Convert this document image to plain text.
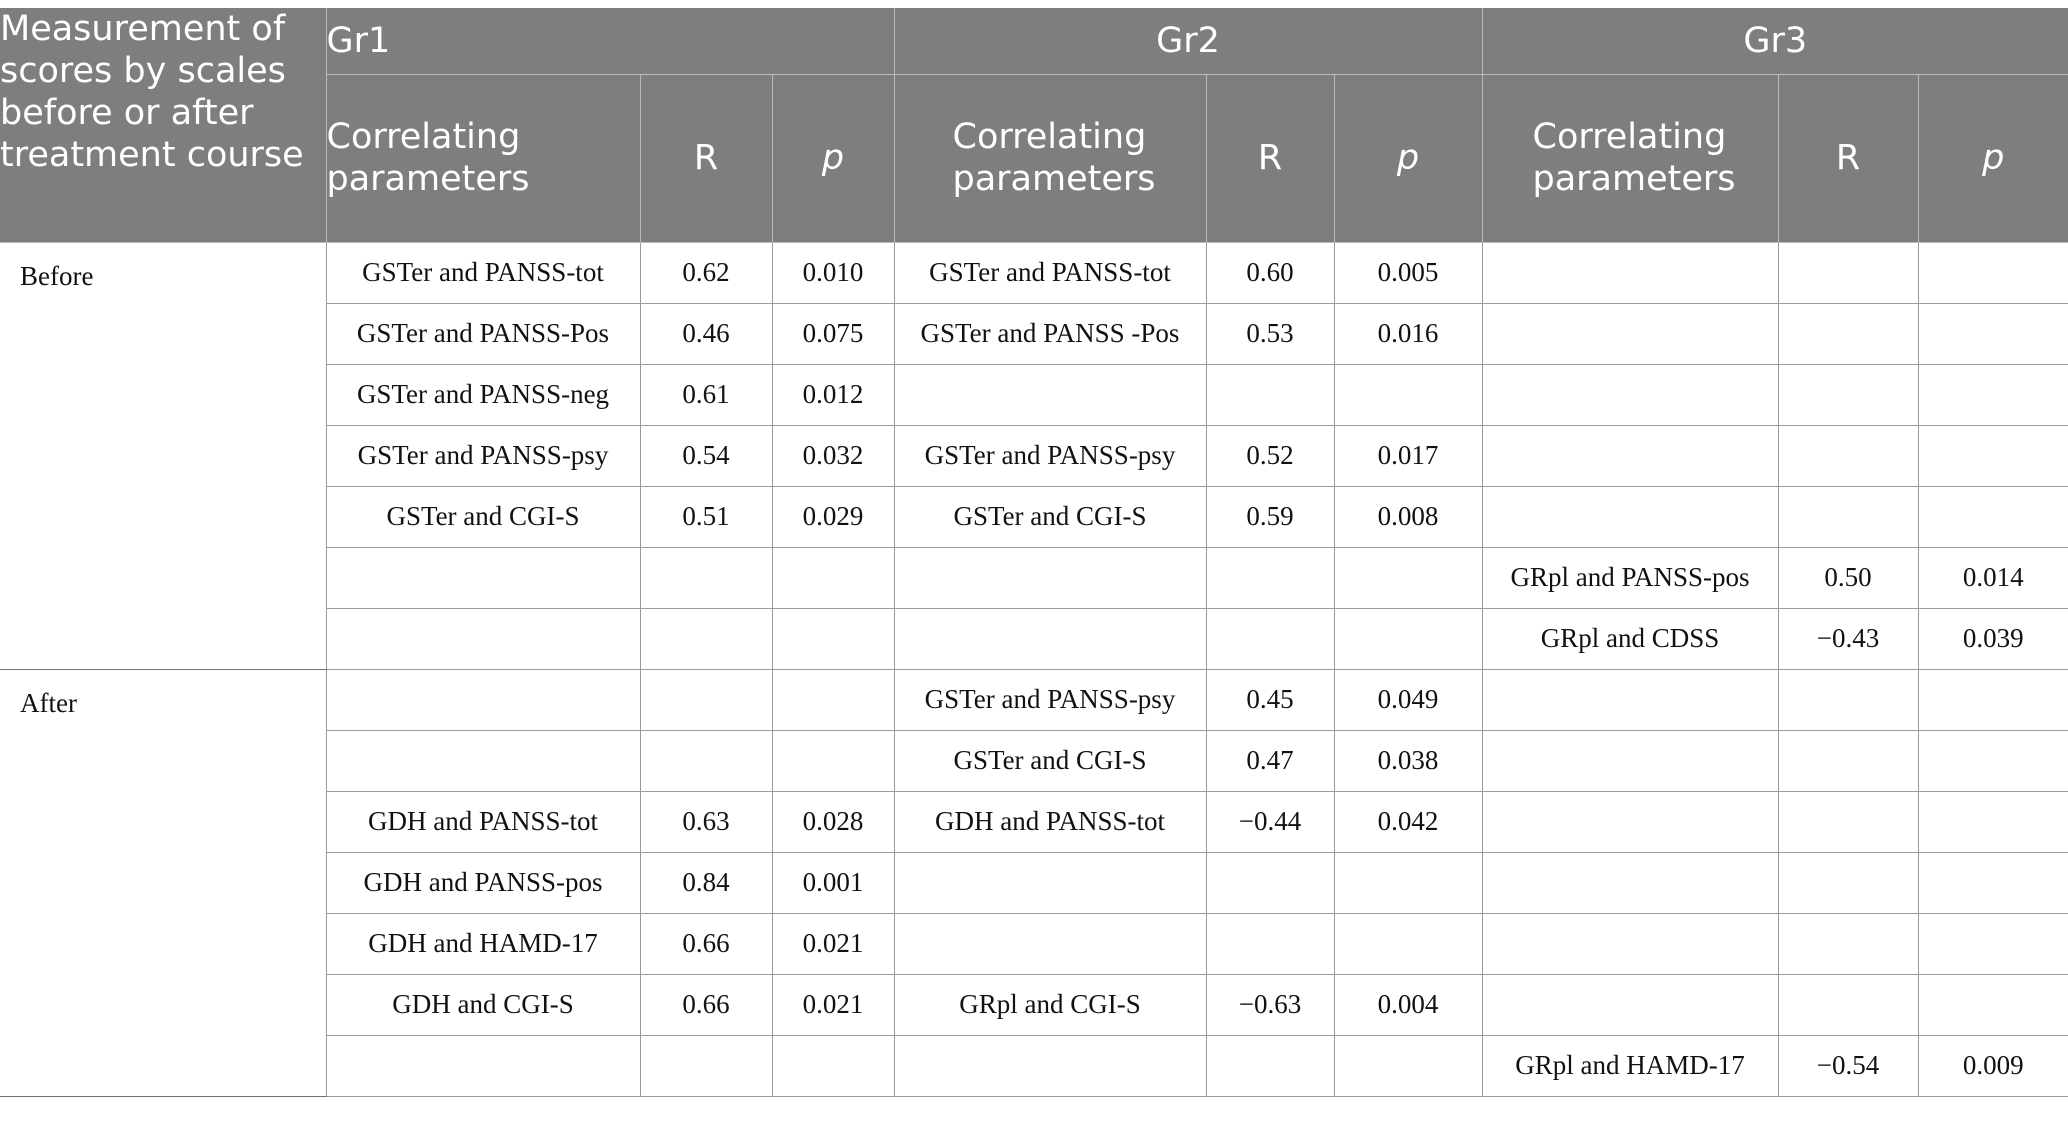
Measurement of scores by scales before or after treatment course	Gr1			Gr2			Gr3		
	Correlating parameters	R	p	Correlating parameters	R	p	Correlating parameters	R	p
Before	GSTer and PANSS-tot	0.62	0.010	GSTer and PANSS-tot	0.60	0.005			
	GSTer and PANSS-Pos	0.46	0.075	GSTer and PANSS -Pos	0.53	0.016			
	GSTer and PANSS-neg	0.61	0.012						
	GSTer and PANSS-psy	0.54	0.032	GSTer and PANSS-psy	0.52	0.017			
	GSTer and CGI-S	0.51	0.029	GSTer and CGI-S	0.59	0.008			
							GRpl and PANSS-pos	0.50	0.014
							GRpl and CDSS	−0.43	0.039
After				GSTer and PANSS-psy	0.45	0.049			
				GSTer and CGI-S	0.47	0.038			
	GDH and PANSS-tot	0.63	0.028	GDH and PANSS-tot	−0.44	0.042			
	GDH and PANSS-pos	0.84	0.001						
	GDH and HAMD-17	0.66	0.021						
	GDH and CGI-S	0.66	0.021	GRpl and CGI-S	−0.63	0.004			
							GRpl and HAMD-17	−0.54	0.009
